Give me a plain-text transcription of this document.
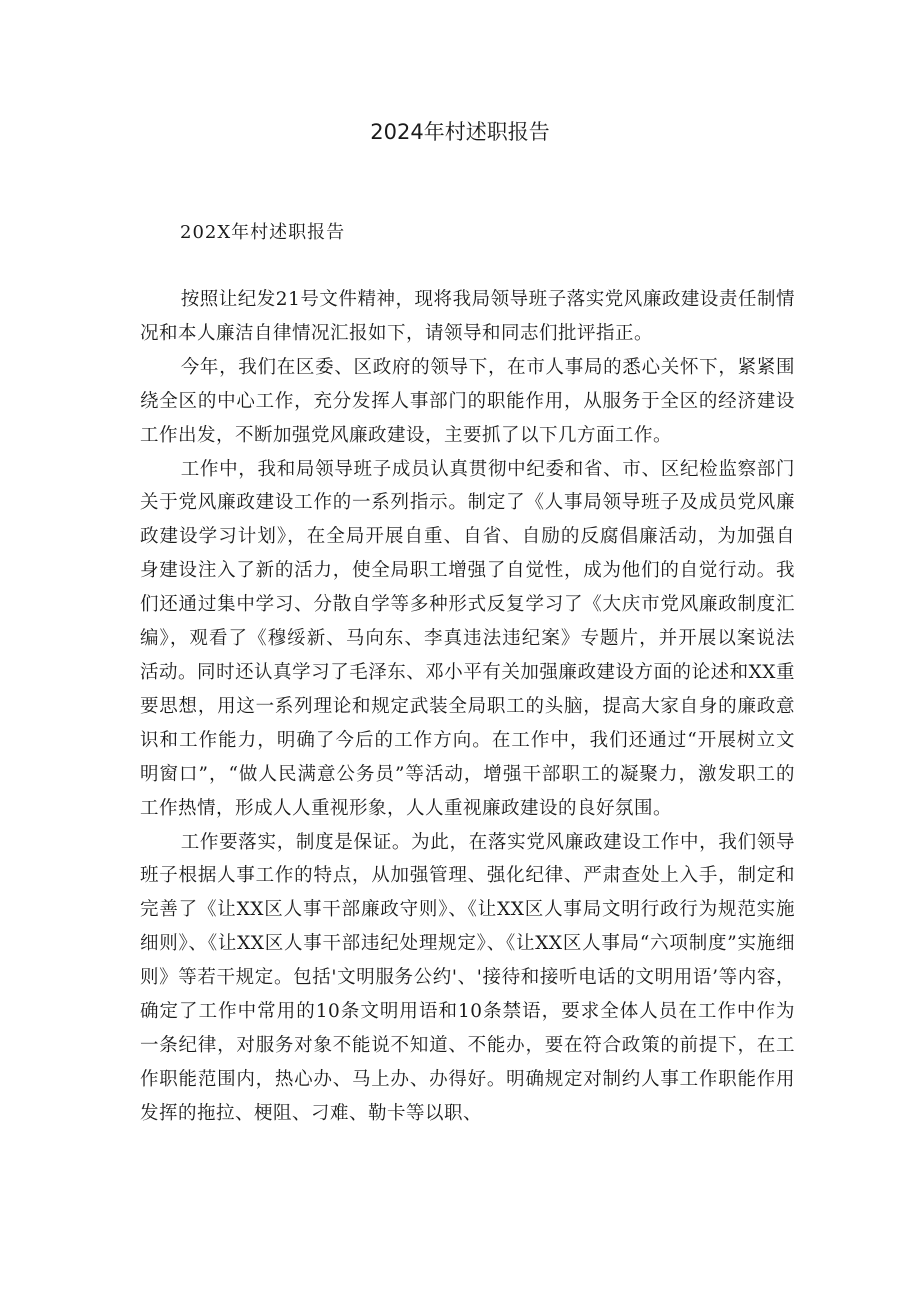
2024年村述职报告

202X年村述职报告

按照让纪发21号文件精神，现将我局领导班子落实党风廉政建设责任制情况和本人廉洁自律情况汇报如下，请领导和同志们批评指正。

今年，我们在区委、区政府的领导下，在市人事局的悉心关怀下，紧紧围绕全区的中心工作，充分发挥人事部门的职能作用，从服务于全区的经济建设工作出发，不断加强党风廉政建设，主要抓了以下几方面工作。

工作中，我和局领导班子成员认真贯彻中纪委和省、市、区纪检监察部门关于党风廉政建设工作的一系列指示。制定了《人事局领导班子及成员党风廉政建设学习计划》，在全局开展自重、自省、自励的反腐倡廉活动，为加强自身建设注入了新的活力，使全局职工增强了自觉性，成为他们的自觉行动。我们还通过集中学习、分散自学等多种形式反复学习了《大庆市党风廉政制度汇编》，观看了《穆绥新、马向东、李真违法违纪案》专题片，并开展以案说法活动。同时还认真学习了毛泽东、邓小平有关加强廉政建设方面的论述和XX重要思想，用这一系列理论和规定武装全局职工的头脑，提高大家自身的廉政意识和工作能力，明确了今后的工作方向。在工作中，我们还通过“开展树立文明窗口”，“做人民满意公务员”等活动，增强干部职工的凝聚力，激发职工的工作热情，形成人人重视形象，人人重视廉政建设的良好氛围。

工作要落实，制度是保证。为此，在落实党风廉政建设工作中，我们领导班子根据人事工作的特点，从加强管理、强化纪律、严肃查处上入手，制定和完善了《让XX区人事干部廉政守则》、《让XX区人事局文明行政行为规范实施细则》、《让XX区人事干部违纪处理规定》、《让XX区人事局“六项制度”实施细则》等若干规定。包括'文明服务公约'、'接待和接听电话的文明用语’等内容，确定了工作中常用的10条文明用语和10条禁语，要求全体人员在工作中作为一条纪律，对服务对象不能说不知道、不能办，要在符合政策的前提下，在工作职能范围内，热心办、马上办、办得好。明确规定对制约人事工作职能作用发挥的拖拉、梗阻、刁难、勒卡等以职、
